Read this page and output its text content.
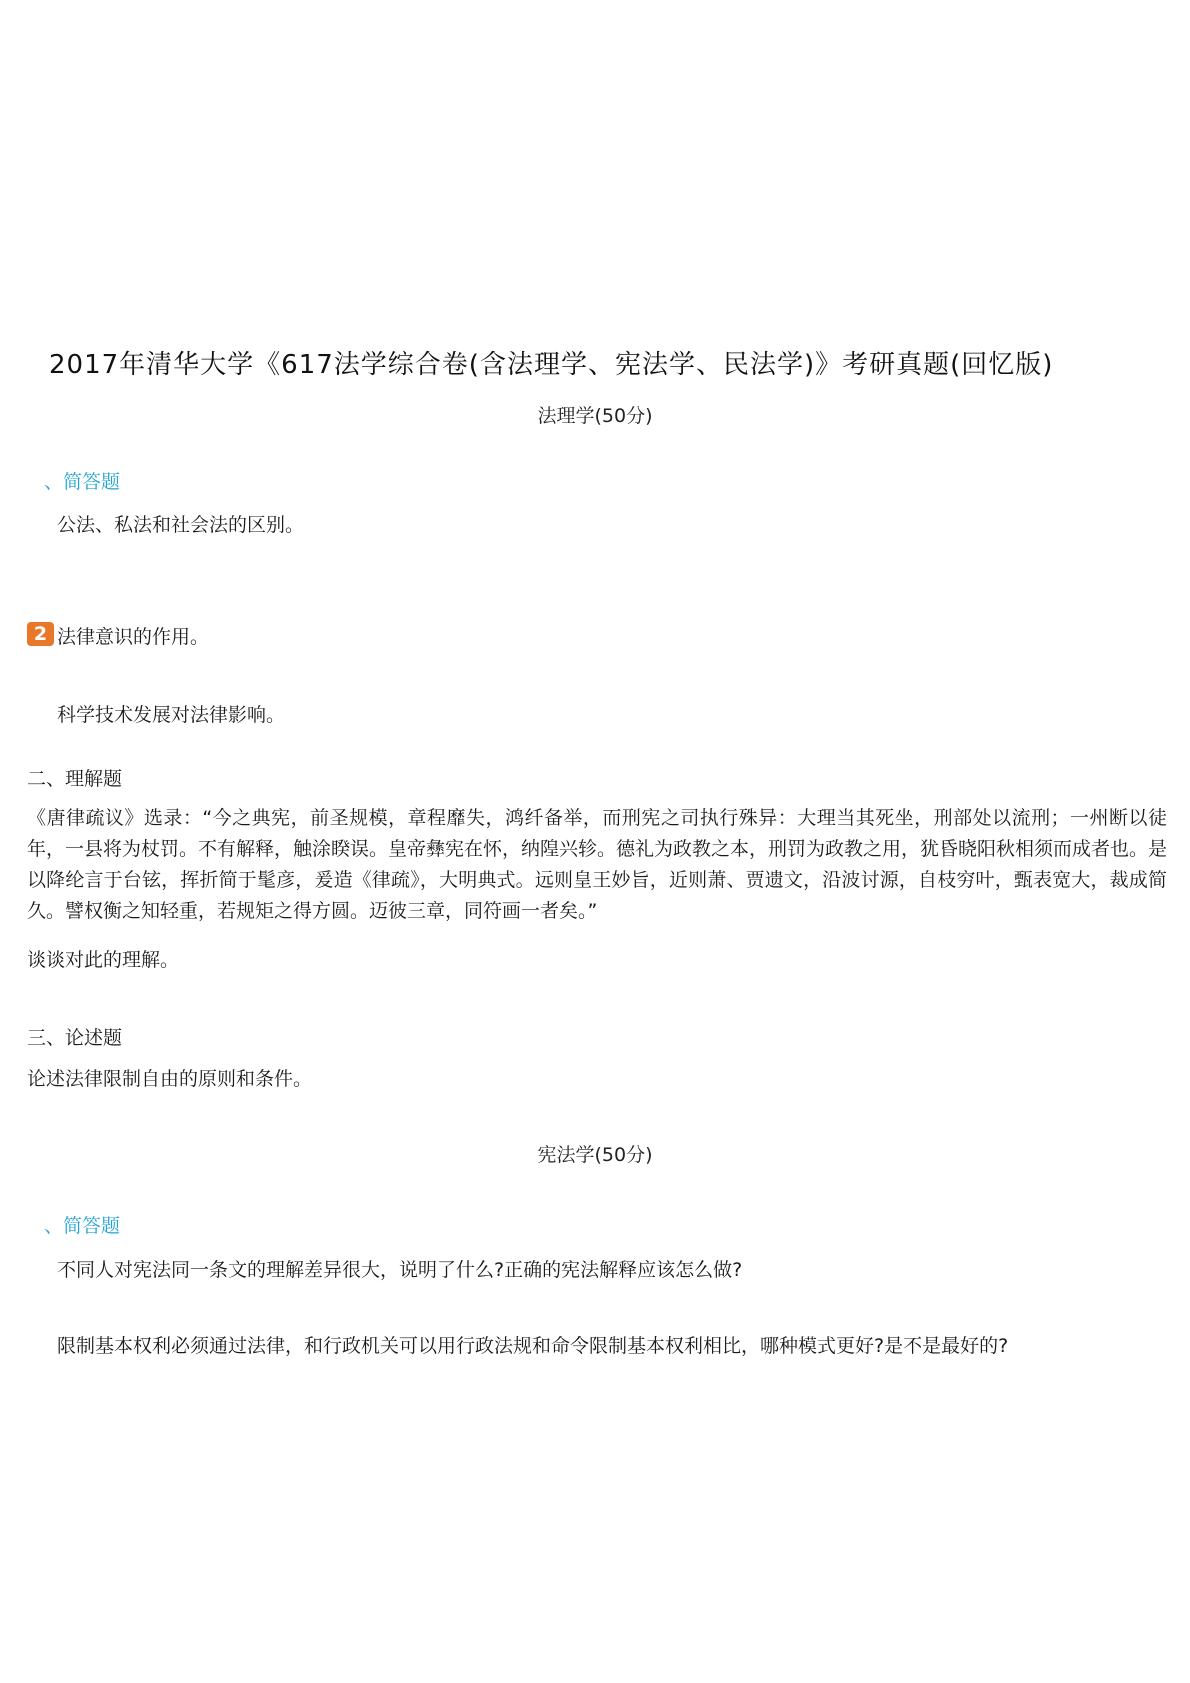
2017年清华大学《617法学综合卷(含法理学、宪法学、民法学)》考研真题(回忆版)
法理学(50分)
、简答题
公法、私法和社会法的区别。
2 法律意识的作用。
科学技术发展对法律影响。
二、理解题

《唐律疏议》选录：“今之典宪，前圣规模，章程靡失，鸿纤备举，而刑宪之司执行殊异：大理当其死坐，刑部处以流刑；一州断以徒年，一县将为杖罚。不有解释，触涂睽误。皇帝彝宪在怀，纳隍兴轸。德礼为政教之本，刑罚为政教之用，犹昏晓阳秋相须而成者也。是以降纶言于台铉，挥折简于髦彦，爰造《律疏》，大明典式。远则皇王妙旨，近则萧、贾遗文，沿波讨源，自枝穷叶，甄表宽大，裁成简久。譬权衡之知轻重，若规矩之得方圆。迈彼三章，同符画一者矣。”

谈谈对此的理解。
三、论述题
论述法律限制自由的原则和条件。
宪法学(50分)
、简答题
不同人对宪法同一条文的理解差异很大，说明了什么?正确的宪法解释应该怎么做?
限制基本权利必须通过法律，和行政机关可以用行政法规和命令限制基本权利相比，哪种模式更好?是不是最好的?
